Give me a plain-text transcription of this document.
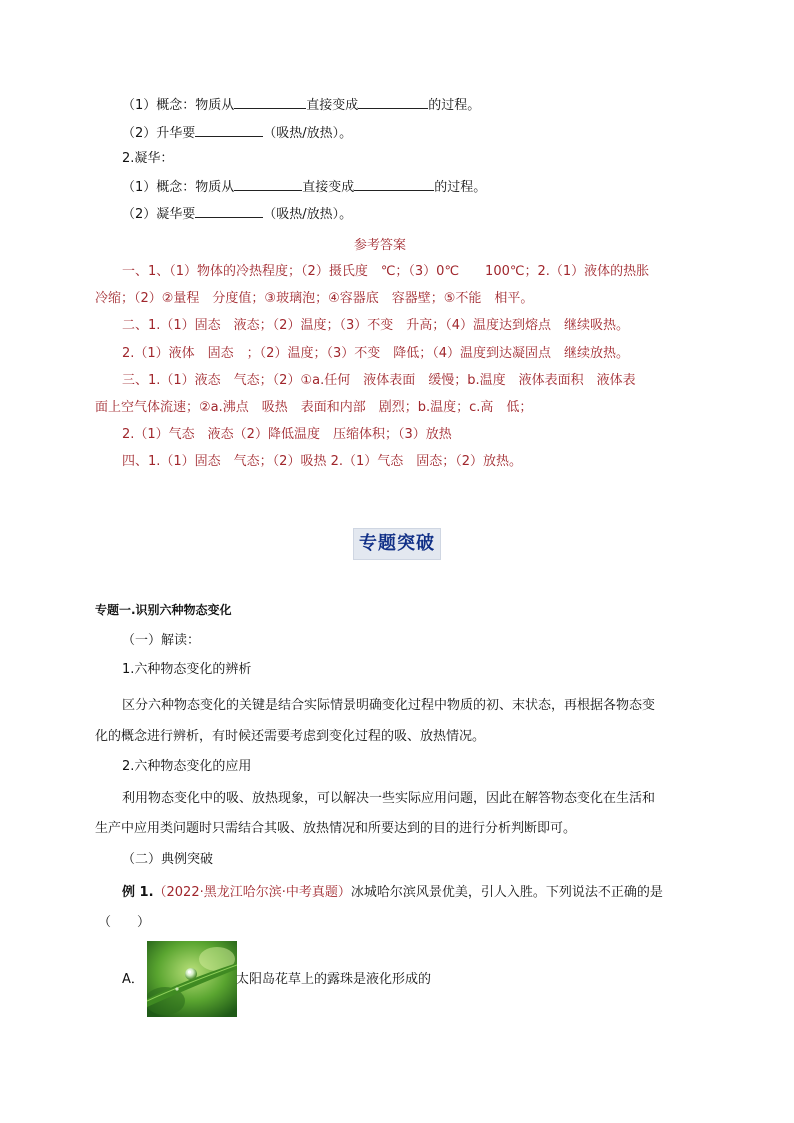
（1）概念：物质从	直接变成	的过程。
（2）升华要	（吸热/放热）。
2.凝华：
（1）概念：物质从	直接变成	的过程。
（2）凝华要	（吸热/放热）。
参考答案
一、1、（1）物体的冷热程度；（2）摄氏度　℃；（3）0℃　　100℃；2.（1）液体的热胀
冷缩；（2）②量程　分度值；③玻璃泡；④容器底　容器壁；⑤不能　相平。
二、1.（1）固态　液态；（2）温度；（3）不变　升高；（4）温度达到熔点　继续吸热。
2.（1）液体　固态　；（2）温度；（3）不变　降低；（4）温度到达凝固点　继续放热。
三、1.（1）液态　气态；（2）①a.任何　液体表面　缓慢；b.温度　液体表面积　液体表
面上空气体流速；②a.沸点　吸热　表面和内部　剧烈；b.温度；c.高　低；
2.（1）气态　液态（2）降低温度　压缩体积；（3）放热
四、1.（1）固态　气态；（2）吸热 2.（1）气态　固态；（2）放热。
专题突破
专题一.识别六种物态变化
（一）解读：
1.六种物态变化的辨析
区分六种物态变化的关键是结合实际情景明确变化过程中物质的初、末状态，再根据各物态变
化的概念进行辨析，有时候还需要考虑到变化过程的吸、放热情况。
2.六种物态变化的应用
利用物态变化中的吸、放热现象，可以解决一些实际应用问题，因此在解答物态变化在生活和
生产中应用类问题时只需结合其吸、放热情况和所要达到的目的进行分析判断即可。
（二）典例突破
例 1.（2022·黑龙江哈尔滨·中考真题）冰城哈尔滨风景优美，引人入胜。下列说法不正确的是
（　　）
A．	太阳岛花草上的露珠是液化形成的
